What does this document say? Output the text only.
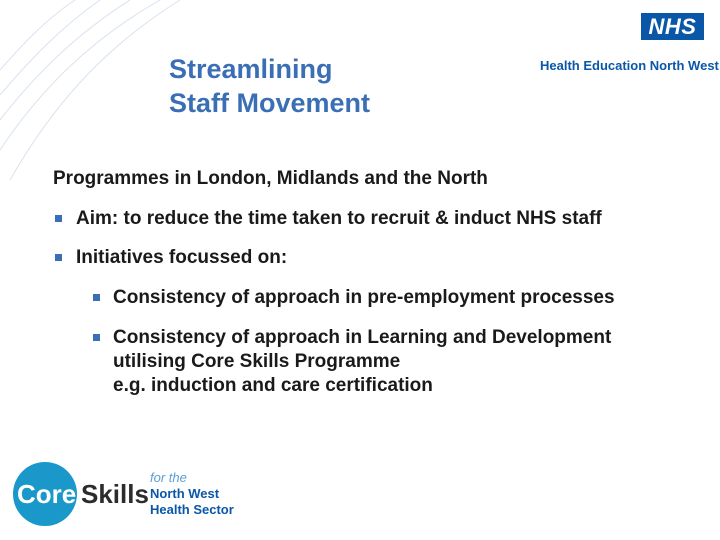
Streamlining
Staff Movement
NHS
Health Education North West
Programmes in London, Midlands and the North
Aim: to reduce the time taken to recruit & induct NHS staff
Initiatives focussed on:
Consistency of approach in pre-employment processes
Consistency of approach in Learning and Development
utilising Core Skills Programme
e.g. induction and care certification
Core Skills
for the
North West
Health Sector
